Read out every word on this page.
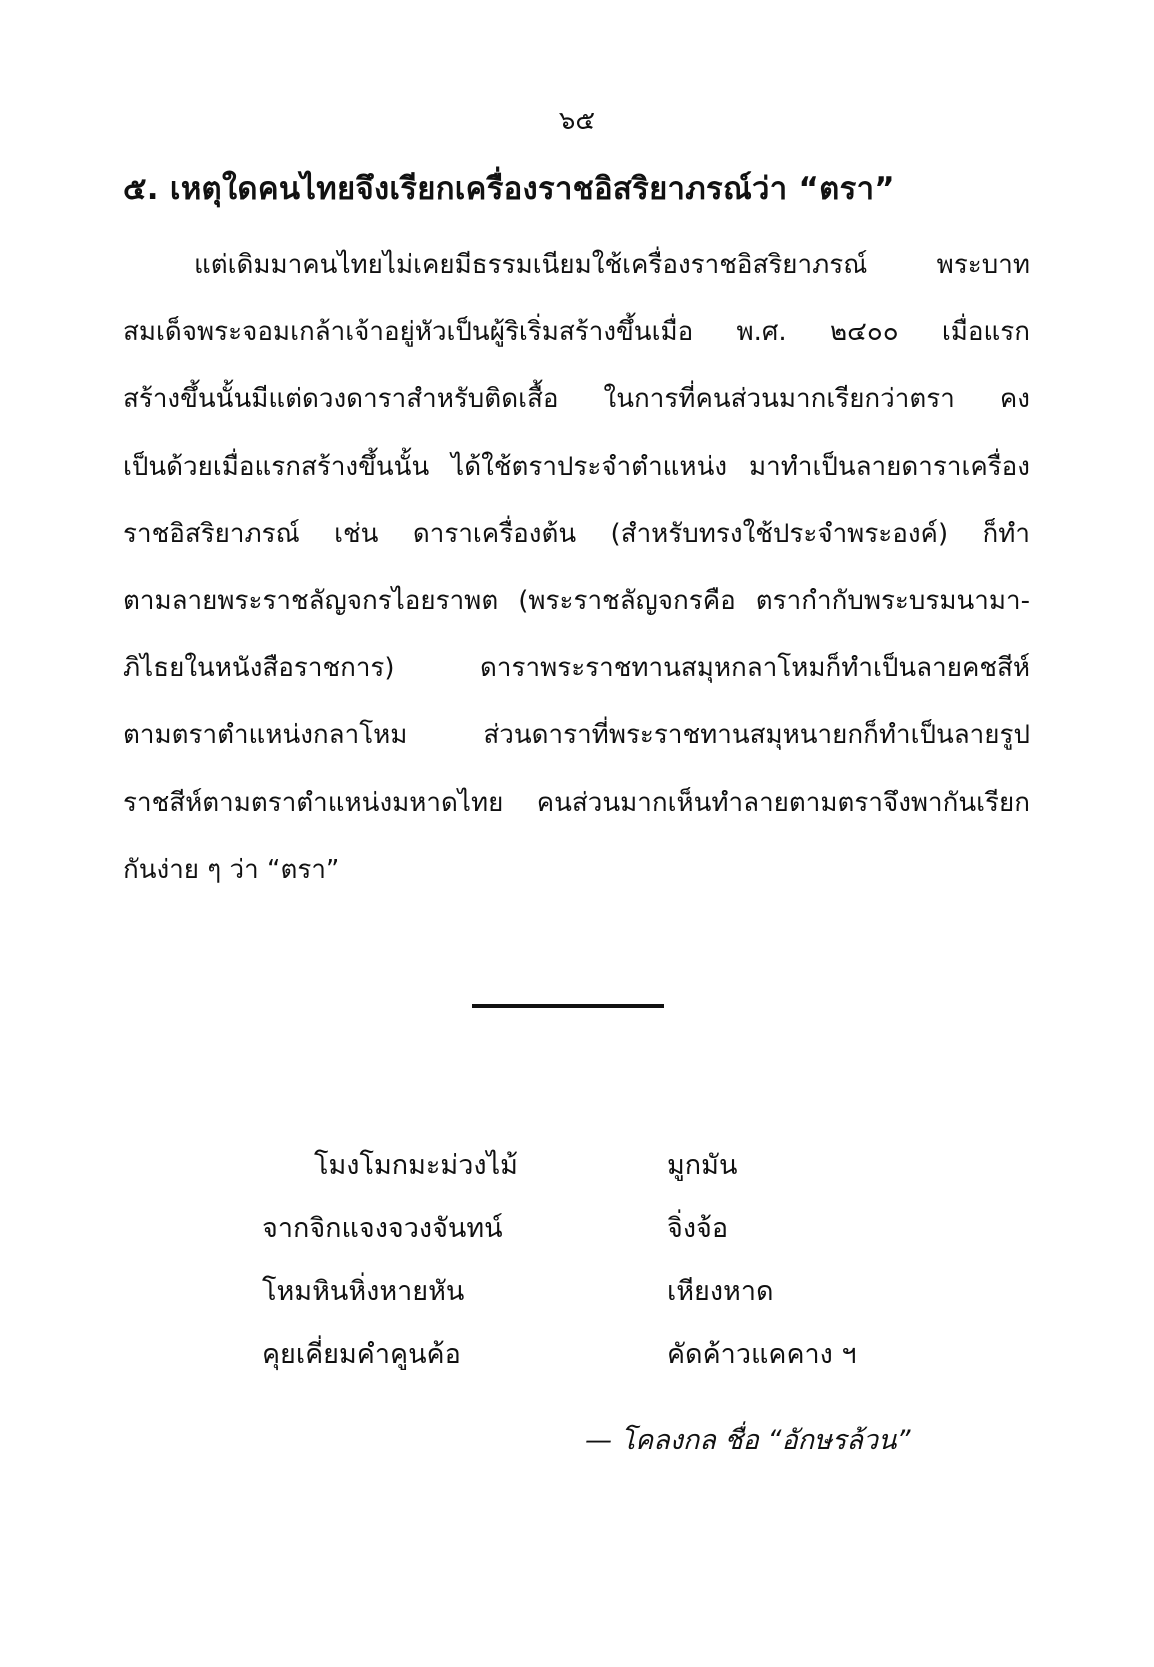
๖๕
๕. เหตุใดคนไทยจึงเรียกเครื่องราชอิสริยาภรณ์ว่า “ตรา”
แต่เดิมมาคนไทยไม่เคยมีธรรมเนียมใช้เครื่องราชอิสริยาภรณ์ พระบาท
สมเด็จพระจอมเกล้าเจ้าอยู่หัวเป็นผู้ริเริ่มสร้างขึ้นเมื่อ พ.ศ. ๒๔๐๐ เมื่อแรก
สร้างขึ้นนั้นมีแต่ดวงดาราสำหรับติดเสื้อ ในการที่คนส่วนมากเรียกว่าตรา คง
เป็นด้วยเมื่อแรกสร้างขึ้นนั้น ได้ใช้ตราประจำตำแหน่ง มาทำเป็นลายดาราเครื่อง
ราชอิสริยาภรณ์ เช่น ดาราเครื่องต้น (สำหรับทรงใช้ประจำพระองค์) ก็ทำ
ตามลายพระราชลัญจกรไอยราพต (พระราชลัญจกรคือ ตรากำกับพระบรมนามา-
ภิไธยในหนังสือราชการ) ดาราพระราชทานสมุหกลาโหมก็ทำเป็นลายคชสีห์
ตามตราตำแหน่งกลาโหม ส่วนดาราที่พระราชทานสมุหนายกก็ทำเป็นลายรูป
ราชสีห์ตามตราตำแหน่งมหาดไทย คนส่วนมากเห็นทำลายตามตราจึงพากันเรียก
กันง่าย ๆ ว่า “ตรา”
โมงโมกมะม่วงไม้	มูกมัน
จากจิกแจงจวงจันทน์	จิ่งจ้อ
โหมหินหิ่งหายหัน	เหียงหาด
คุยเคี่ยมคำคูนค้อ	คัดค้าวแคคาง ฯ
— โคลงกล ชื่อ “อักษรล้วน”
